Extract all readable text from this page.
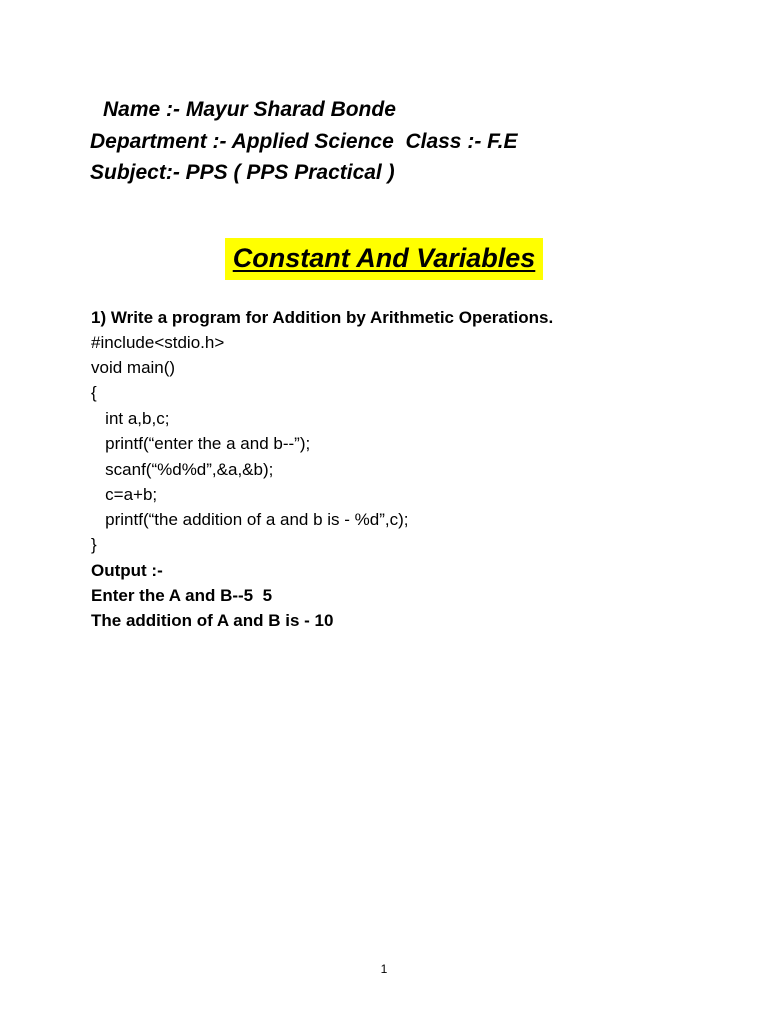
Name :- Mayur Sharad Bonde
Department :- Applied Science  Class :- F.E
Subject:- PPS ( PPS Practical )
Constant And Variables
1) Write a program for Addition by Arithmetic Operations.
#include<stdio.h>
void main()
{
int a,b,c;
printf(“enter the a and b--”);
scanf(“%d%d”,&a,&b);
c=a+b;
printf(“the addition of a and b is - %d”,c);
}
Output :-
Enter the A and B--5  5
The addition of A and B is - 10
1
